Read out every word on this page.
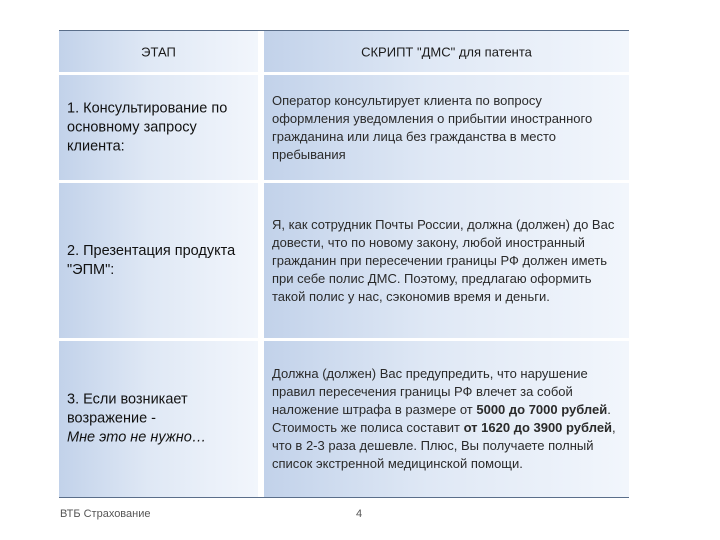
ЭТАП	СКРИПТ "ДМС" для патента
1. Консультирование по основному запросу клиента:
Оператор консультирует клиента по вопросу оформления уведомления о прибытии иностранного гражданина или лица без гражданства в место пребывания
2. Презентация продукта "ЭПМ":
Я, как сотрудник Почты России, должна (должен) до Вас довести, что по новому закону, любой иностранный гражданин при пересечении границы РФ должен иметь при себе полис ДМС. Поэтому, предлагаю оформить такой полис у нас, сэкономив время и деньги.
3. Если возникает возражение -
Мне это не нужно…
Должна (должен) Вас предупредить, что нарушение правил пересечения границы РФ влечет за собой наложение штрафа в размере от 5000 до 7000 рублей. Стоимость же полиса составит от 1620 до 3900 рублей, что в 2-3 раза дешевле. Плюс, Вы получаете полный список экстренной медицинской помощи.
ВТБ Страхование	4
